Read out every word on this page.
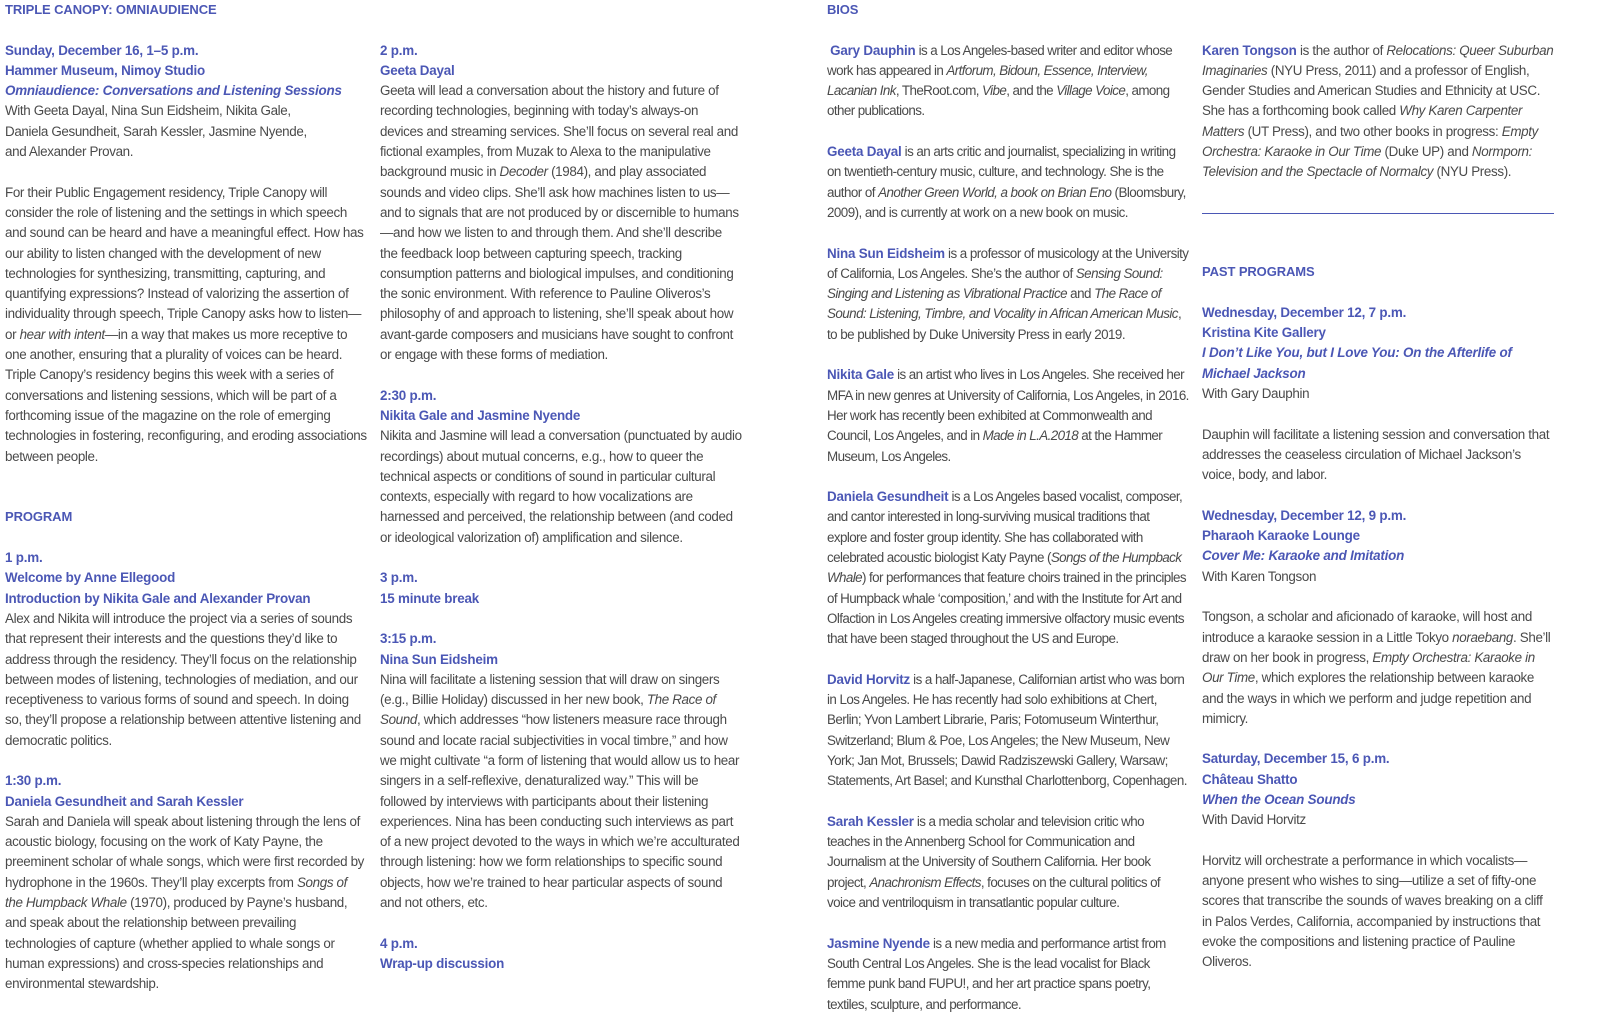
TRIPLE CANOPY: OMNIAUDIENCE
Sunday, December 16, 1–5 p.m.
Hammer Museum, Nimoy Studio
Omniaudience: Conversations and Listening Sessions
With Geeta Dayal, Nina Sun Eidsheim, Nikita Gale,
Daniela Gesundheit, Sarah Kessler, Jasmine Nyende,
and Alexander Provan.
For their Public Engagement residency, Triple Canopy will consider the role of listening and the settings in which speech and sound can be heard and have a meaningful effect. How has our ability to listen changed with the development of new technologies for synthesizing, transmitting, capturing, and quantifying expressions? Instead of valorizing the assertion of individuality through speech, Triple Canopy asks how to listen—or hear with intent—in a way that makes us more receptive to one another, ensuring that a plurality of voices can be heard. Triple Canopy’s residency begins this week with a series of conversations and listening sessions, which will be part of a forthcoming issue of the magazine on the role of emerging technologies in fostering, reconfiguring, and eroding associations between people.
PROGRAM
1 p.m.
Welcome by Anne Ellegood
Introduction by Nikita Gale and Alexander Provan
Alex and Nikita will introduce the project via a series of sounds that represent their interests and the questions they’d like to address through the residency. They’ll focus on the relationship between modes of listening, technologies of mediation, and our receptiveness to various forms of sound and speech. In doing so, they’ll propose a relationship between attentive listening and democratic politics.
1:30 p.m.
Daniela Gesundheit and Sarah Kessler
Sarah and Daniela will speak about listening through the lens of acoustic biology, focusing on the work of Katy Payne, the preeminent scholar of whale songs, which were first recorded by hydrophone in the 1960s. They’ll play excerpts from Songs of the Humpback Whale (1970), produced by Payne’s husband, and speak about the relationship between prevailing technologies of capture (whether applied to whale songs or human expressions) and cross-species relationships and environmental stewardship.
2 p.m.
Geeta Dayal
Geeta will lead a conversation about the history and future of recording technologies, beginning with today’s always-on devices and streaming services. She’ll focus on several real and fictional examples, from Muzak to Alexa to the manipulative background music in Decoder (1984), and play associated sounds and video clips. She’ll ask how machines listen to us—and to signals that are not produced by or discernible to humans—and how we listen to and through them. And she’ll describe the feedback loop between capturing speech, tracking consumption patterns and biological impulses, and conditioning the sonic environment. With reference to Pauline Oliveros’s philosophy of and approach to listening, she’ll speak about how avant-garde composers and musicians have sought to confront or engage with these forms of mediation.
2:30 p.m.
Nikita Gale and Jasmine Nyende
Nikita and Jasmine will lead a conversation (punctuated by audio recordings) about mutual concerns, e.g., how to queer the technical aspects or conditions of sound in particular cultural contexts, especially with regard to how vocalizations are harnessed and perceived, the relationship between (and coded or ideological valorization of) amplification and silence.
3 p.m.
15 minute break
3:15 p.m.
Nina Sun Eidsheim
Nina will facilitate a listening session that will draw on singers (e.g., Billie Holiday) discussed in her new book, The Race of Sound, which addresses “how listeners measure race through sound and locate racial subjectivities in vocal timbre,” and how we might cultivate “a form of listening that would allow us to hear singers in a self-reflexive, denaturalized way.” This will be followed by interviews with participants about their listening experiences. Nina has been conducting such interviews as part of a new project devoted to the ways in which we’re acculturated through listening: how we form relationships to specific sound objects, how we’re trained to hear particular aspects of sound and not others, etc.
4 p.m.
Wrap-up discussion
BIOS
Gary Dauphin is a Los Angeles-based writer and editor whose work has appeared in Artforum, Bidoun, Essence, Interview, Lacanian Ink, TheRoot.com, Vibe, and the Village Voice, among other publications.
Geeta Dayal is an arts critic and journalist, specializing in writing on twentieth-century music, culture, and technology. She is the author of Another Green World, a book on Brian Eno (Bloomsbury, 2009), and is currently at work on a new book on music.
Nina Sun Eidsheim is a professor of musicology at the University of California, Los Angeles. She’s the author of Sensing Sound: Singing and Listening as Vibrational Practice and The Race of Sound: Listening, Timbre, and Vocality in African American Music, to be published by Duke University Press in early 2019.
Nikita Gale is an artist who lives in Los Angeles. She received her MFA in new genres at University of California, Los Angeles, in 2016. Her work has recently been exhibited at Commonwealth and Council, Los Angeles, and in Made in L.A.2018 at the Hammer Museum, Los Angeles.
Daniela Gesundheit is a Los Angeles based vocalist, composer, and cantor interested in long-surviving musical traditions that explore and foster group identity. She has collaborated with celebrated acoustic biologist Katy Payne (Songs of the Humpback Whale) for performances that feature choirs trained in the principles of Humpback whale ‘composition,’ and with the Institute for Art and Olfaction in Los Angeles creating immersive olfactory music events that have been staged throughout the US and Europe.
David Horvitz is a half-Japanese, Californian artist who was born in Los Angeles. He has recently had solo exhibitions at Chert, Berlin; Yvon Lambert Librarie, Paris; Fotomuseum Winterthur, Switzerland; Blum & Poe, Los Angeles; the New Museum, New York; Jan Mot, Brussels; Dawid Radziszewski Gallery, Warsaw; Statements, Art Basel; and Kunsthal Charlottenborg, Copenhagen.
Sarah Kessler is a media scholar and television critic who teaches in the Annenberg School for Communication and Journalism at the University of Southern California. Her book project, Anachronism Effects, focuses on the cultural politics of voice and ventriloquism in transatlantic popular culture.
Jasmine Nyende is a new media and performance artist from South Central Los Angeles. She is the lead vocalist for Black femme punk band FUPU!, and her art practice spans poetry, textiles, sculpture, and performance.
Karen Tongson is the author of Relocations: Queer Suburban Imaginaries (NYU Press, 2011) and a professor of English, Gender Studies and American Studies and Ethnicity at USC. She has a forthcoming book called Why Karen Carpenter Matters (UT Press), and two other books in progress: Empty Orchestra: Karaoke in Our Time (Duke UP) and Normporn: Television and the Spectacle of Normalcy (NYU Press).
PAST PROGRAMS
Wednesday, December 12, 7 p.m.
Kristina Kite Gallery
I Don’t Like You, but I Love You: On the Afterlife of Michael Jackson
With Gary Dauphin
Dauphin will facilitate a listening session and conversation that addresses the ceaseless circulation of Michael Jackson’s voice, body, and labor.
Wednesday, December 12, 9 p.m.
Pharaoh Karaoke Lounge
Cover Me: Karaoke and Imitation
With Karen Tongson
Tongson, a scholar and aficionado of karaoke, will host and introduce a karaoke session in a Little Tokyo noraebang. She’ll draw on her book in progress, Empty Orchestra: Karaoke in Our Time, which explores the relationship between karaoke and the ways in which we perform and judge repetition and mimicry.
Saturday, December 15, 6 p.m.
Château Shatto
When the Ocean Sounds
With David Horvitz
Horvitz will orchestrate a performance in which vocalists—anyone present who wishes to sing—utilize a set of fifty-one scores that transcribe the sounds of waves breaking on a cliff in Palos Verdes, California, accompanied by instructions that evoke the compositions and listening practice of Pauline Oliveros.
